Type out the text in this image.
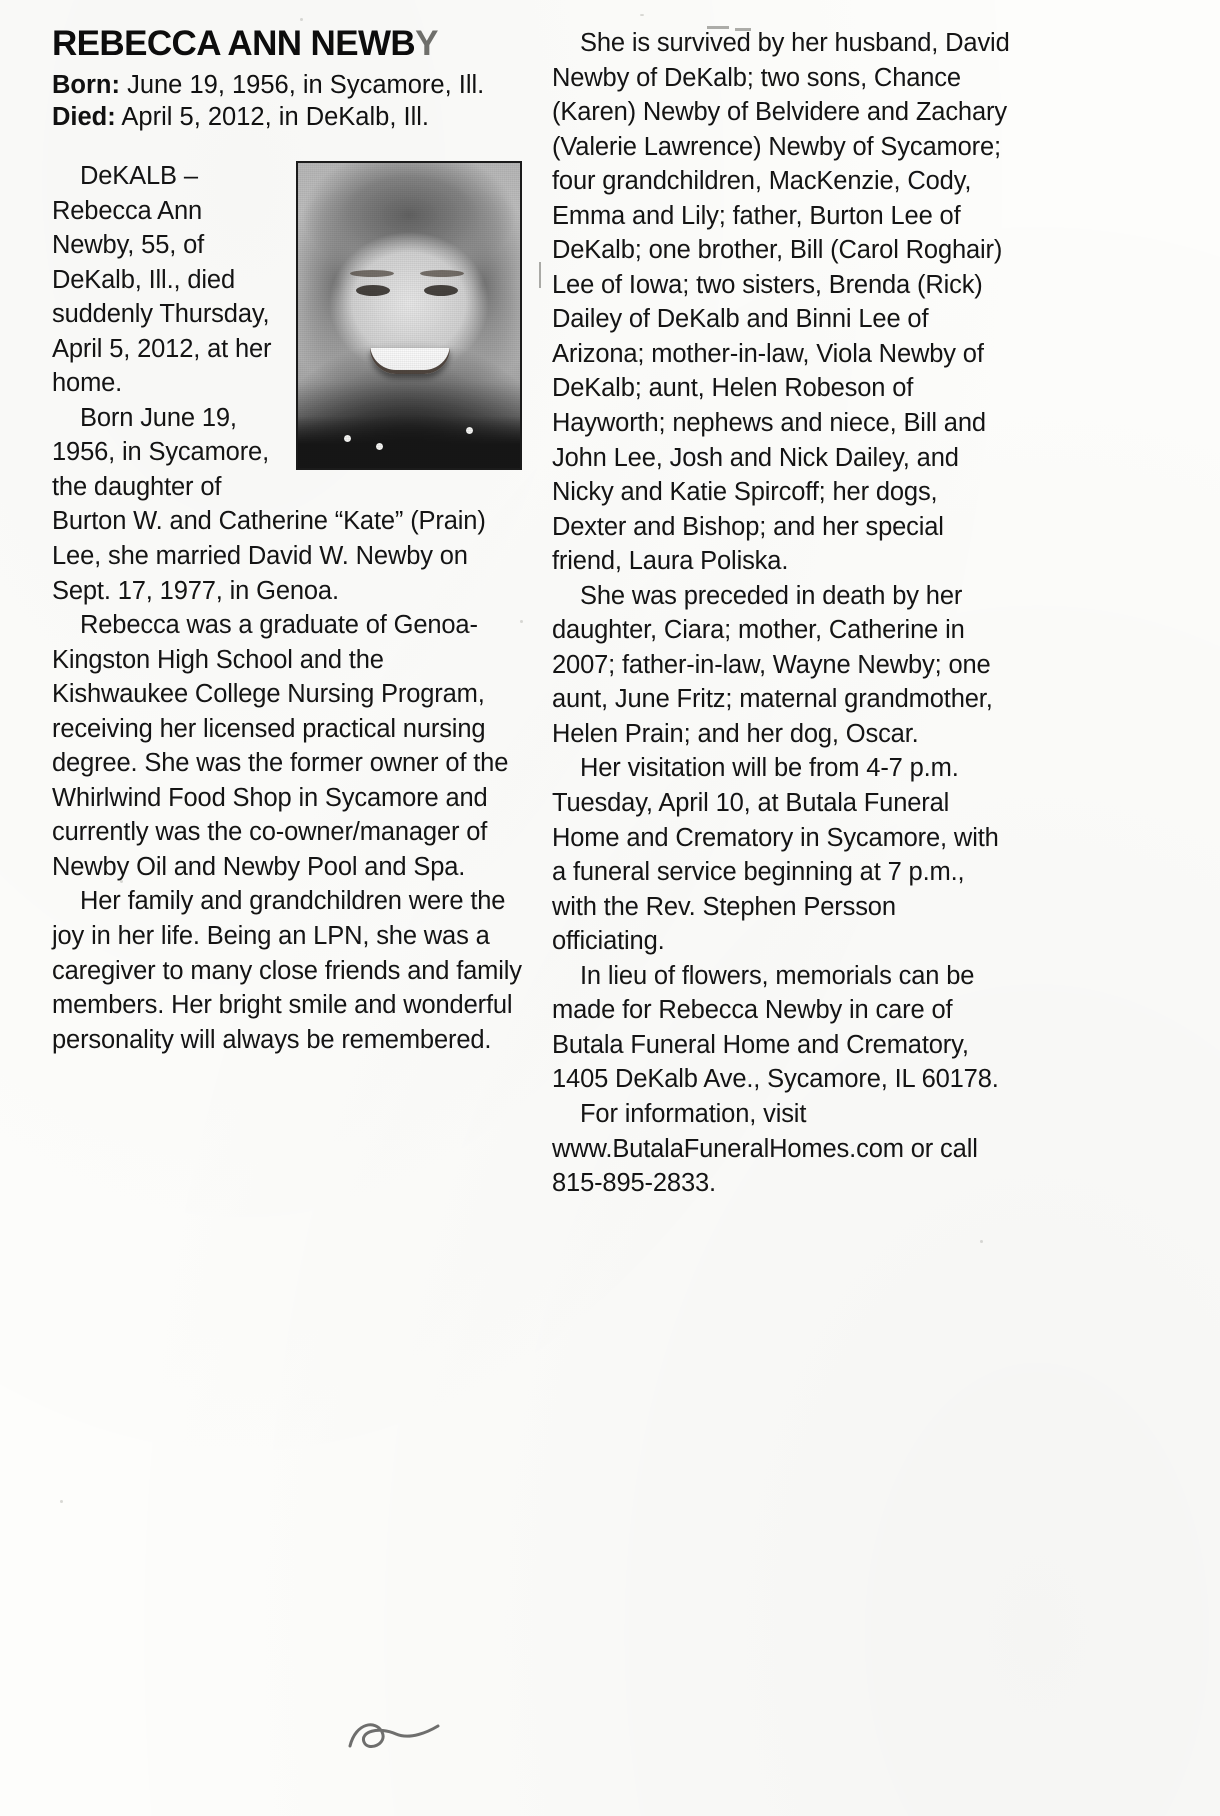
REBECCA ANN NEWBY
Born: June 19, 1956, in Sycamore, Ill.
Died: April 5, 2012, in DeKalb, Ill.

DeKALB – Rebecca Ann Newby, 55, of DeKalb, Ill., died suddenly Thursday, April 5, 2012, at her home.

Born June 19, 1956, in Sycamore, the daughter of Burton W. and Catherine “Kate” (Prain) Lee, she married David W. Newby on Sept. 17, 1977, in Genoa.

Rebecca was a graduate of Genoa-Kingston High School and the Kishwaukee College Nursing Program, receiving her licensed practical nursing degree. She was the former owner of the Whirlwind Food Shop in Sycamore and currently was the co-owner/manager of Newby Oil and Newby Pool and Spa.

Her family and grandchildren were the joy in her life. Being an LPN, she was a caregiver to many close friends and family members. Her bright smile and wonderful personality will always be remembered.

She is survived by her husband, David Newby of DeKalb; two sons, Chance (Karen) Newby of Belvidere and Zachary (Valerie Lawrence) Newby of Sycamore; four grandchildren, MacKenzie, Cody, Emma and Lily; father, Burton Lee of DeKalb; one brother, Bill (Carol Roghair) Lee of Iowa; two sisters, Brenda (Rick) Dailey of DeKalb and Binni Lee of Arizona; mother-in-law, Viola Newby of DeKalb; aunt, Helen Robeson of Hayworth; nephews and niece, Bill and John Lee, Josh and Nick Dailey, and Nicky and Katie Spircoff; her dogs, Dexter and Bishop; and her special friend, Laura Poliska.

She was preceded in death by her daughter, Ciara; mother, Catherine in 2007; father-in-law, Wayne Newby; one aunt, June Fritz; maternal grandmother, Helen Prain; and her dog, Oscar.

Her visitation will be from 4-7 p.m. Tuesday, April 10, at Butala Funeral Home and Crematory in Sycamore, with a funeral service beginning at 7 p.m., with the Rev. Stephen Persson officiating.

In lieu of flowers, memorials can be made for Rebecca Newby in care of Butala Funeral Home and Crematory, 1405 DeKalb Ave., Sycamore, IL 60178.

For information, visit www.ButalaFuneralHomes.com or call 815-895-2833.
